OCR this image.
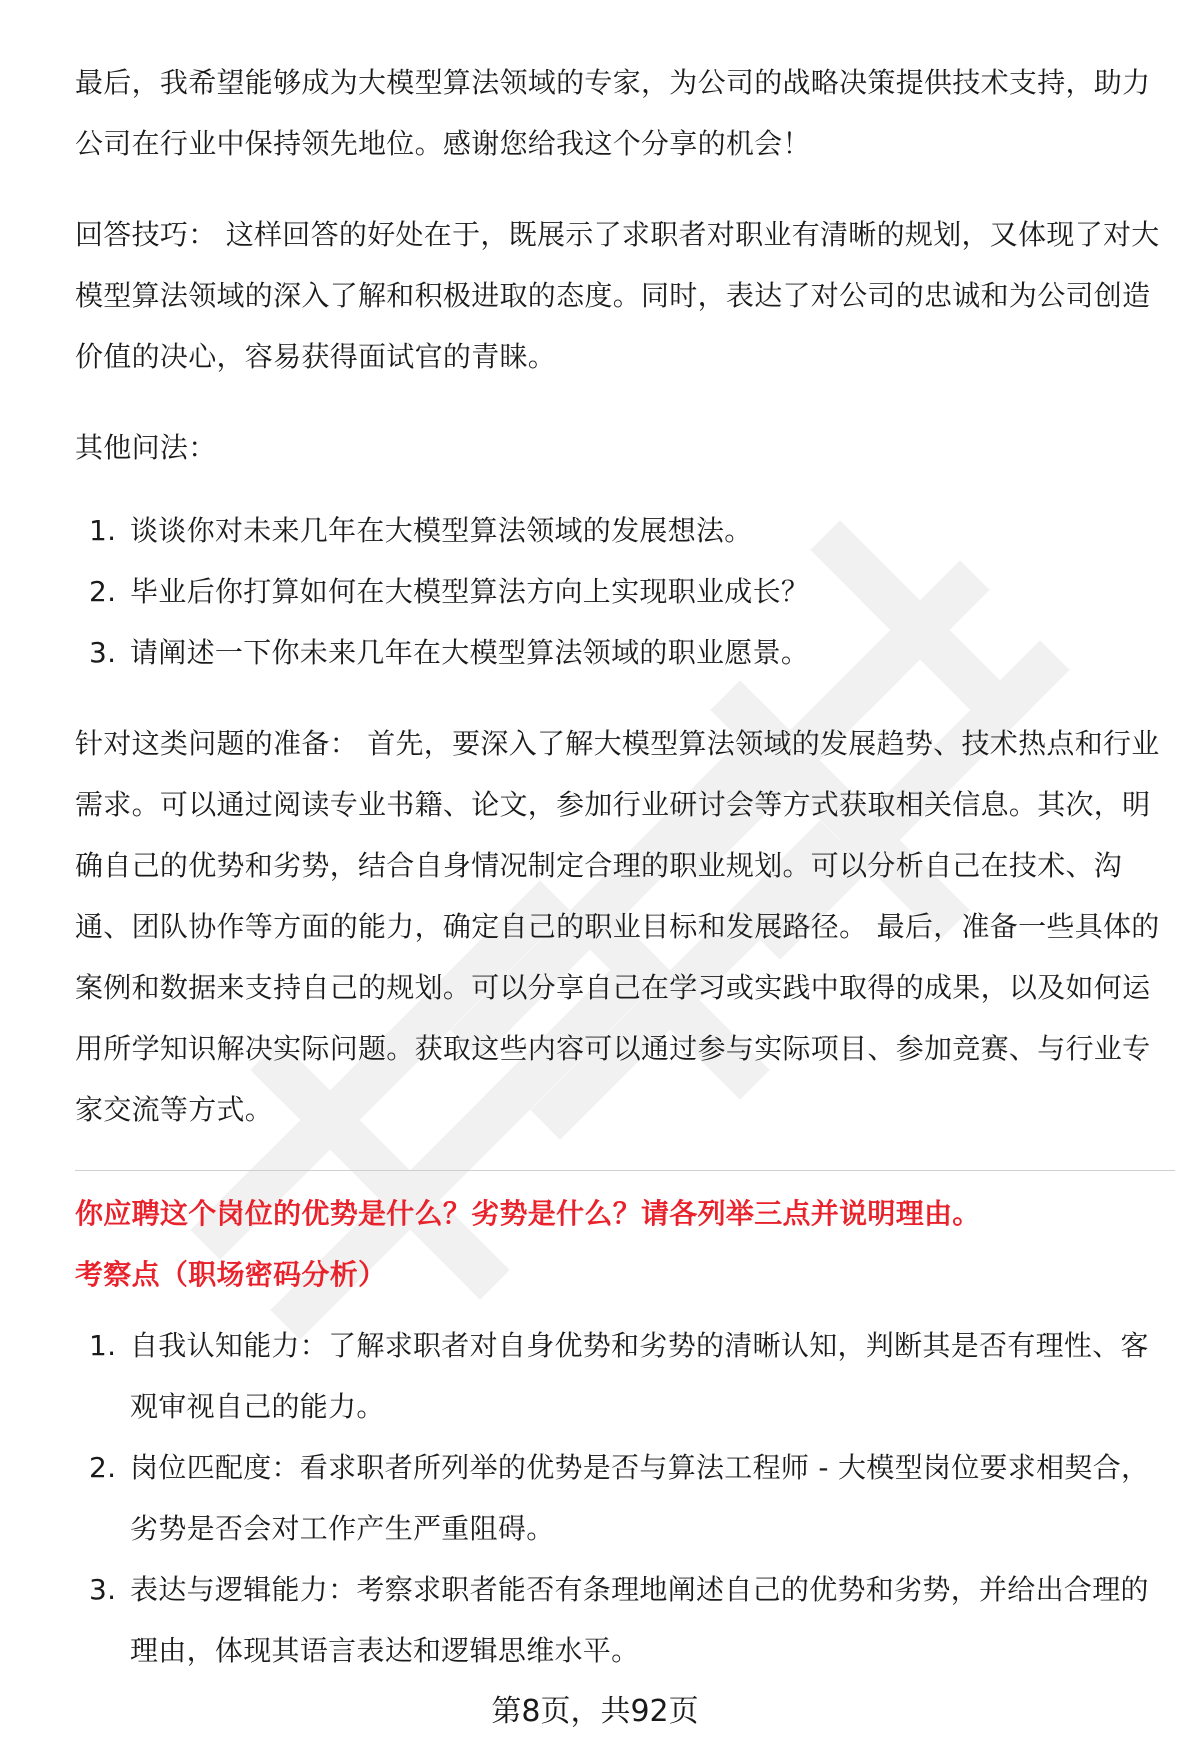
最后，我希望能够成为大模型算法领域的专家，为公司的战略决策提供技术支持，助力公司在行业中保持领先地位。感谢您给我这个分享的机会！

回答技巧： 这样回答的好处在于，既展示了求职者对职业有清晰的规划，又体现了对大模型算法领域的深入了解和积极进取的态度。同时，表达了对公司的忠诚和为公司创造价值的决心，容易获得面试官的青睐。

其他问法：

1. 谈谈你对未来几年在大模型算法领域的发展想法。
2. 毕业后你打算如何在大模型算法方向上实现职业成长？
3. 请阐述一下你未来几年在大模型算法领域的职业愿景。

针对这类问题的准备： 首先，要深入了解大模型算法领域的发展趋势、技术热点和行业需求。可以通过阅读专业书籍、论文，参加行业研讨会等方式获取相关信息。其次，明确自己的优势和劣势，结合自身情况制定合理的职业规划。可以分析自己在技术、沟通、团队协作等方面的能力，确定自己的职业目标和发展路径。 最后，准备一些具体的案例和数据来支持自己的规划。可以分享自己在学习或实践中取得的成果，以及如何运用所学知识解决实际问题。获取这些内容可以通过参与实际项目、参加竞赛、与行业专家交流等方式。

你应聘这个岗位的优势是什么？劣势是什么？请各列举三点并说明理由。
考察点（职场密码分析）
1. 自我认知能力：了解求职者对自身优势和劣势的清晰认知，判断其是否有理性、客观审视自己的能力。
2. 岗位匹配度：看求职者所列举的优势是否与算法工程师 - 大模型岗位要求相契合，劣势是否会对工作产生严重阻碍。
3. 表达与逻辑能力：考察求职者能否有条理地阐述自己的优势和劣势，并给出合理的理由，体现其语言表达和逻辑思维水平。
第8页，共92页
